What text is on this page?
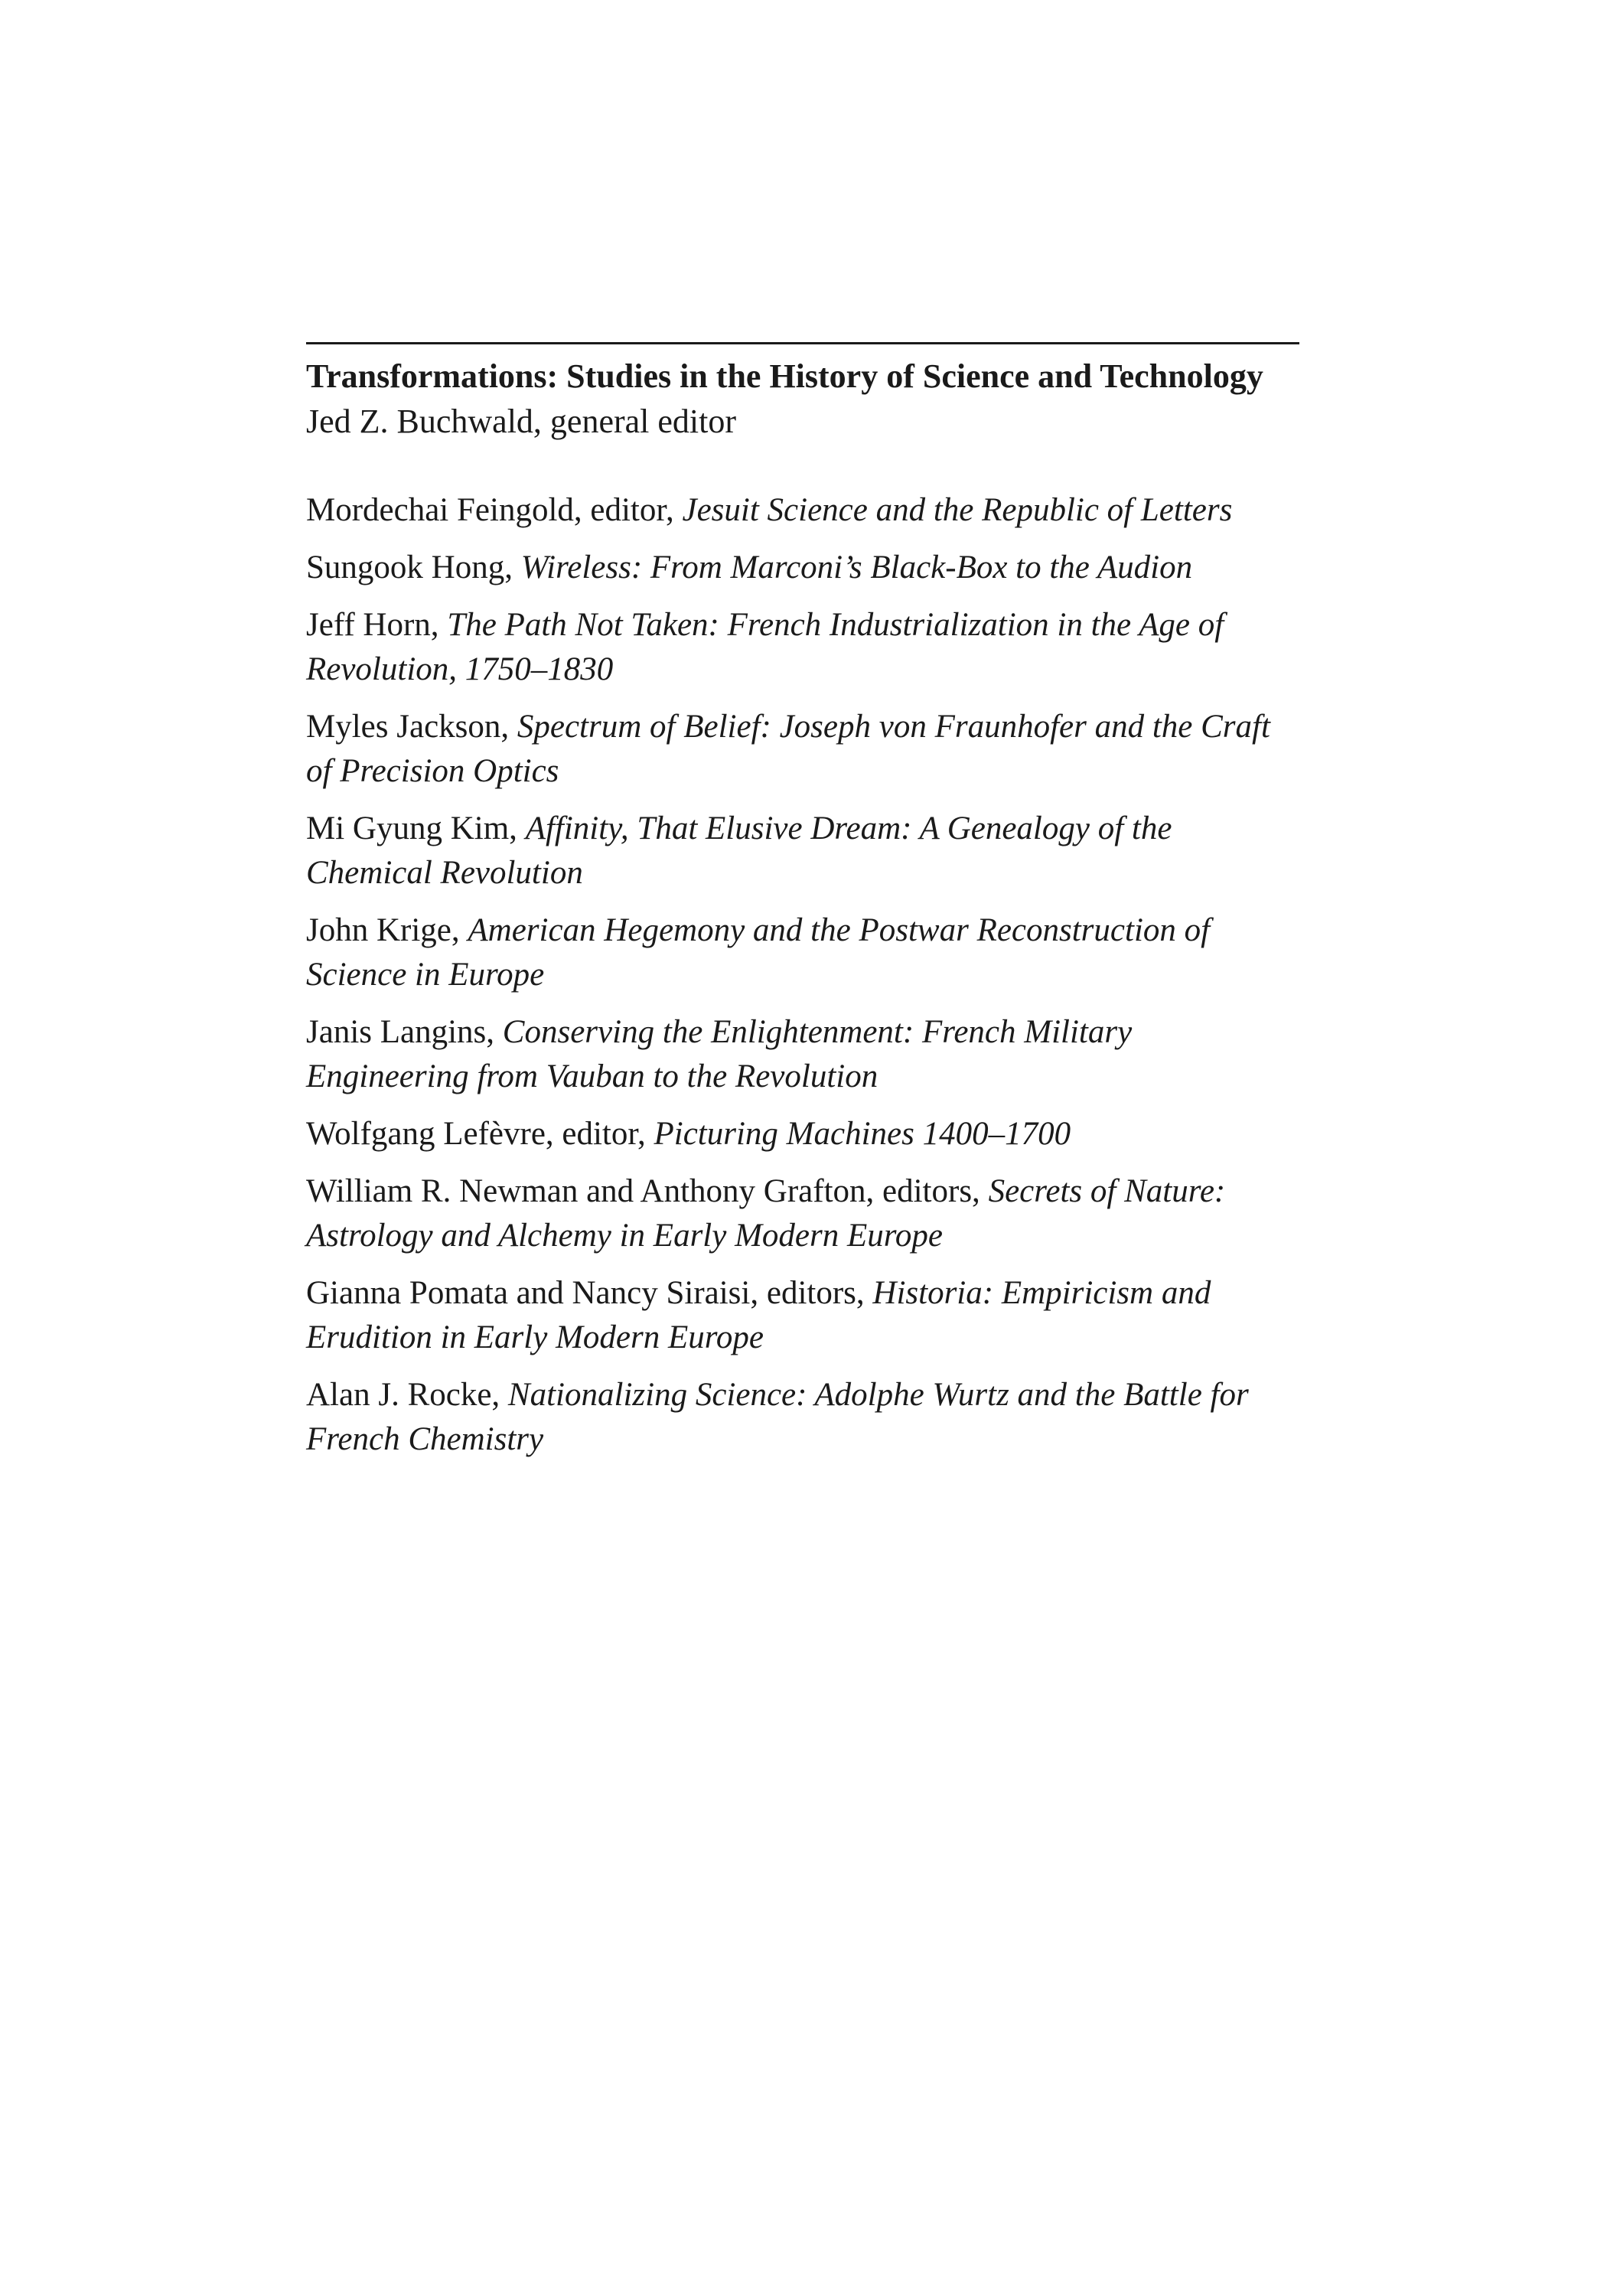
Transformations: Studies in the History of Science and Technology

Jed Z. Buchwald, general editor

Mordechai Feingold, editor, Jesuit Science and the Republic of Letters
Sungook Hong, Wireless: From Marconi’s Black-Box to the Audion
Jeff Horn, The Path Not Taken: French Industrialization in the Age of Revolution, 1750–1830
Myles Jackson, Spectrum of Belief: Joseph von Fraunhofer and the Craft of Precision Optics
Mi Gyung Kim, Affinity, That Elusive Dream: A Genealogy of the Chemical Revolution
John Krige, American Hegemony and the Postwar Reconstruction of Science in Europe
Janis Langins, Conserving the Enlightenment: French Military Engineering from Vauban to the Revolution
Wolfgang Lefèvre, editor, Picturing Machines 1400–1700
William R. Newman and Anthony Grafton, editors, Secrets of Nature: Astrology and Alchemy in Early Modern Europe
Gianna Pomata and Nancy Siraisi, editors, Historia: Empiricism and Erudition in Early Modern Europe
Alan J. Rocke, Nationalizing Science: Adolphe Wurtz and the Battle for French Chemistry
